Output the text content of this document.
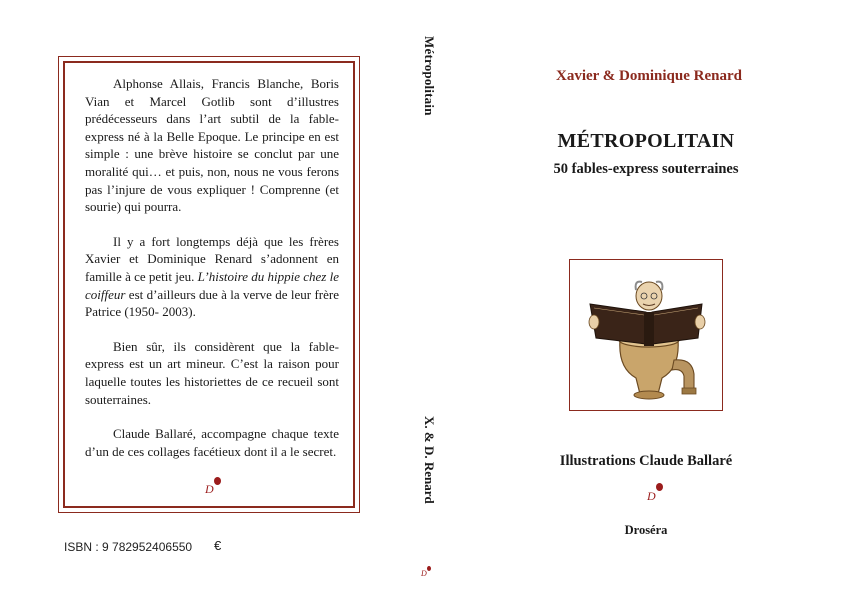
Alphonse Allais, Francis Blanche, Boris Vian et Marcel Gotlib sont d’illustres prédécesseurs dans l’art subtil de la fable-express né à la Belle Epoque. Le principe en est simple : une brève histoire se conclut par une moralité qui… et puis, non, nous ne vous ferons pas l’injure de vous expliquer ! Comprenne (et sourie) qui pourra.

Il y a fort longtemps déjà que les frères Xavier et Dominique Renard s’adonnent en famille à ce petit jeu. L’histoire du hippie chez le coiffeur est d’ailleurs due à la verve de leur frère Patrice (1950- 2003).

Bien sûr, ils considèrent que la fable-express est un art mineur. C’est la raison pour laquelle toutes les historiettes de ce recueil sont souterraines.

Claude Ballaré, accompagne chaque texte d’un de ces collages facétieux dont il a le secret.

D
ISBN : 9 782952406550 €
Métropolitain
X. & D. Renard
D
Xavier & Dominique Renard
MÉTROPOLITAIN
50 fables-express souterraines
Illustrations Claude Ballaré
D
Droséra
